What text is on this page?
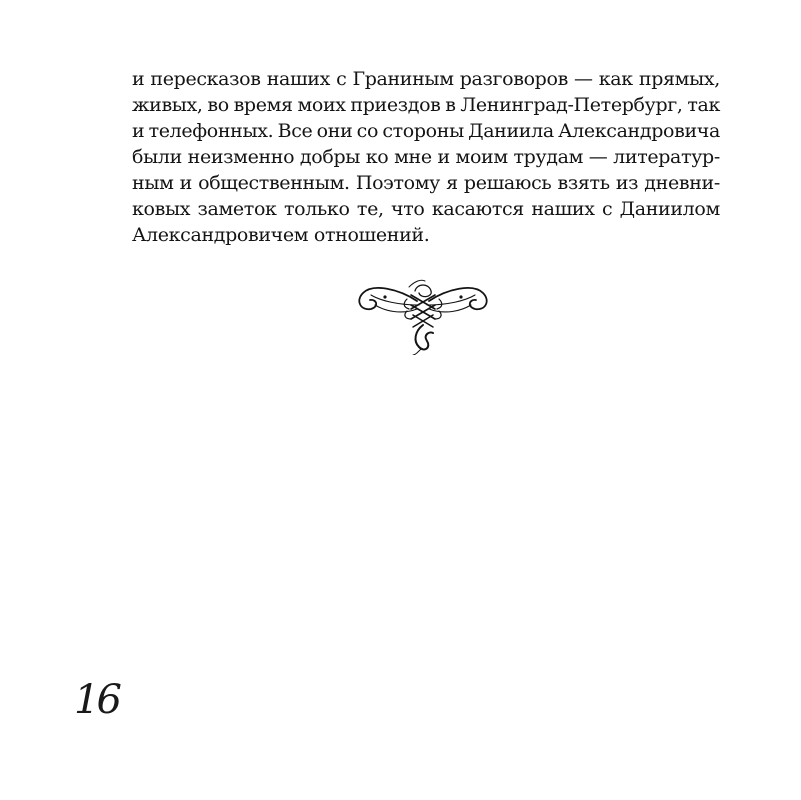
и пересказов наших с Граниным разговоров — как прямых,
живых, во время моих приездов в Ленинград-Петербург, так
и телефонных. Все они со стороны Даниила Александровича
были неизменно добры ко мне и моим трудам — литератур-
ным и общественным. Поэтому я решаюсь взять из дневни-
ковых заметок только те, что касаются наших с Даниилом
Александровичем отношений.
16
